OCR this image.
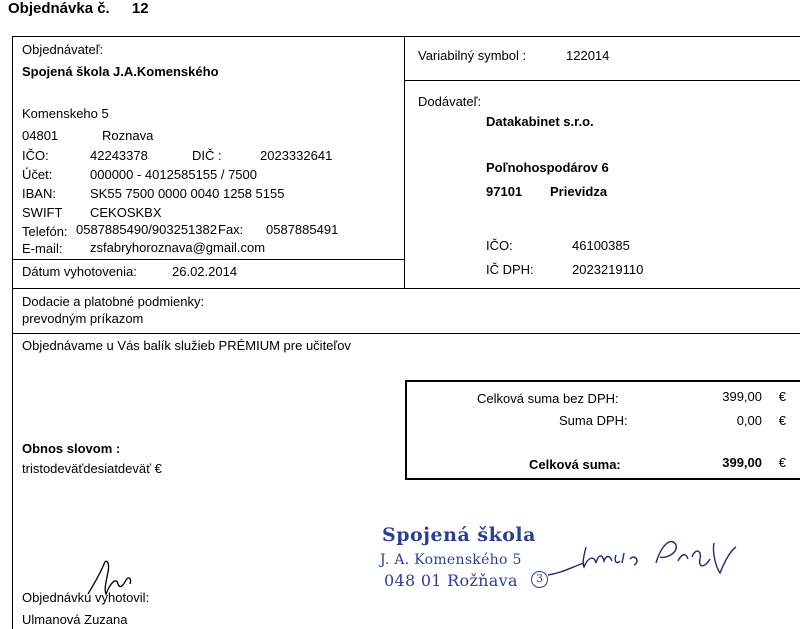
Objednávka č. 12
Objednávateľ:
Spojená škola J.A.Komenského
Komenskeho 5
04801	Roznava
IČO:	42243378	DIČ :	2023332641
Účet:	000000 - 4012585155 / 7500
IBAN:	SK55 7500 0000 0040 1258 5155
SWIFT CEKOSKBX
Telefón: 0587885490/903251382 Fax: 0587885491
E-mail: zsfabryhoroznava@gmail.com
Dátum vyhotovenia:	26.02.2014
Variabilný symbol :	122014
Dodávateľ:
Datakabinet s.r.o.
Poľnohospodárov 6
97101 Prievidza
IČO:	46100385
IČ DPH:	2023219110
Dodacie a platobné podmienky:
prevodným príkazom
Objednávame u Vás balík služieb PRÉMIUM pre učiteľov
Celková suma bez DPH:	399,00 €
Suma DPH:	0,00 €
Celková suma:	399,00 €
Obnos slovom :
tristodeväťdesiatdeväť €
Spojená škola
J. A. Komenského 5
048 01 Rožňava	3
Objednávku vyhotovil:
Ulmanová Zuzana
